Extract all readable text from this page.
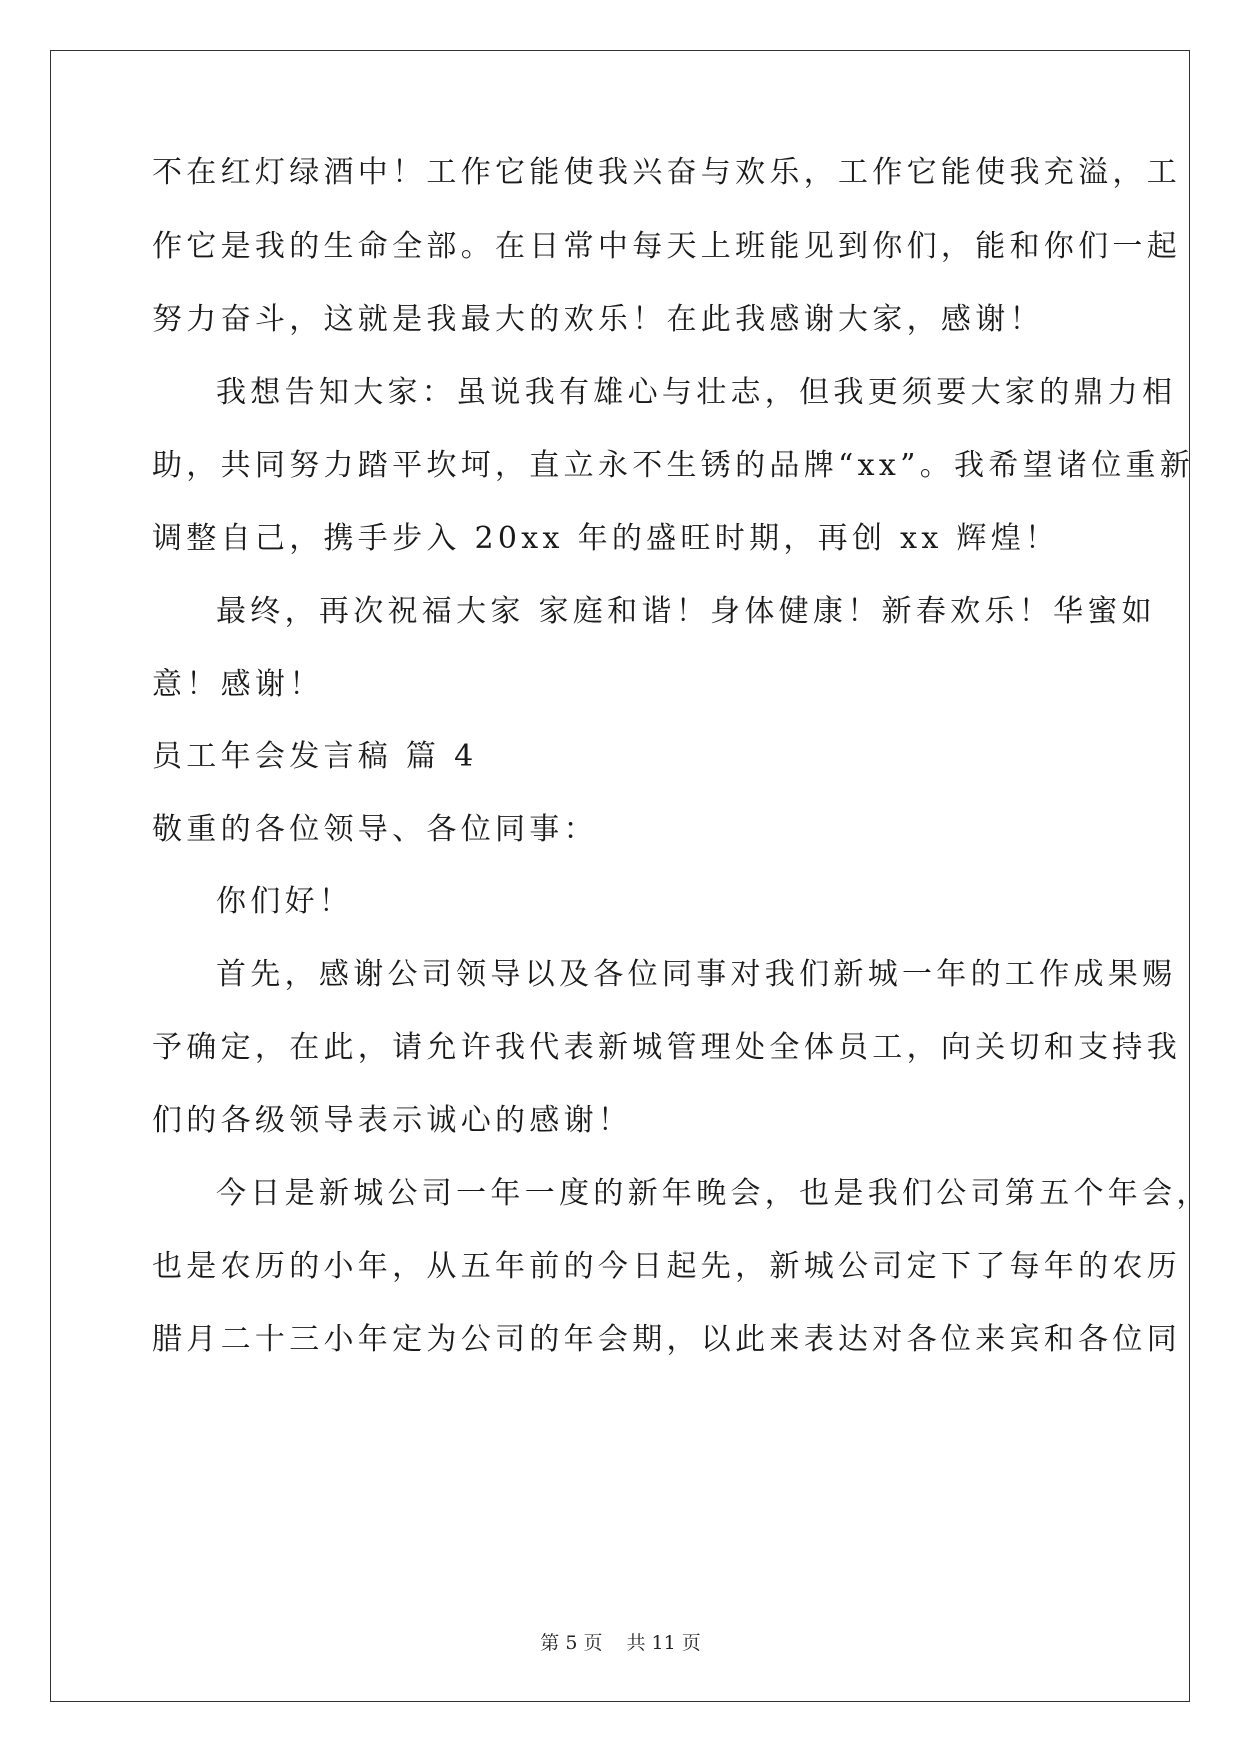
不在红灯绿酒中！工作它能使我兴奋与欢乐，工作它能使我充溢，工
作它是我的生命全部。在日常中每天上班能见到你们，能和你们一起
努力奋斗，这就是我最大的欢乐！在此我感谢大家，感谢！
我想告知大家：虽说我有雄心与壮志，但我更须要大家的鼎力相
助，共同努力踏平坎坷，直立永不生锈的品牌“xx”。我希望诸位重新
调整自己，携手步入 20xx 年的盛旺时期，再创 xx 辉煌！
最终，再次祝福大家 家庭和谐！身体健康！新春欢乐！华蜜如
意！感谢！
员工年会发言稿 篇 4
敬重的各位领导、各位同事：
你们好！
首先，感谢公司领导以及各位同事对我们新城一年的工作成果赐
予确定，在此，请允许我代表新城管理处全体员工，向关切和支持我
们的各级领导表示诚心的感谢！
今日是新城公司一年一度的新年晚会，也是我们公司第五个年会，
也是农历的小年，从五年前的今日起先，新城公司定下了每年的农历
腊月二十三小年定为公司的年会期，以此来表达对各位来宾和各位同
第 5 页 共 11 页
